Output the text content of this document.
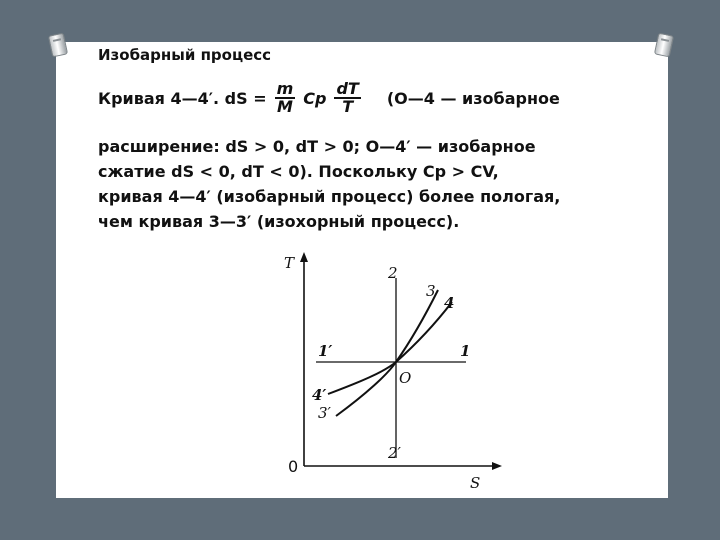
Изобарный процесс
Кривая 4—4′. dS = $\frac{m}{M}$ Cp $\frac{dT}{T}$ (O—4 — изобарное
расширение: dS > 0, dT > 0; O—4′ — изобарное
сжатие dS < 0, dT < 0). Поскольку Cp > CV,
кривая 4—4′ (изобарный процесс) более пологая,
чем кривая 3—3′ (изохорный процесс).
T
S
0
2
2′
3
3′
4
4′
1
1′
O
